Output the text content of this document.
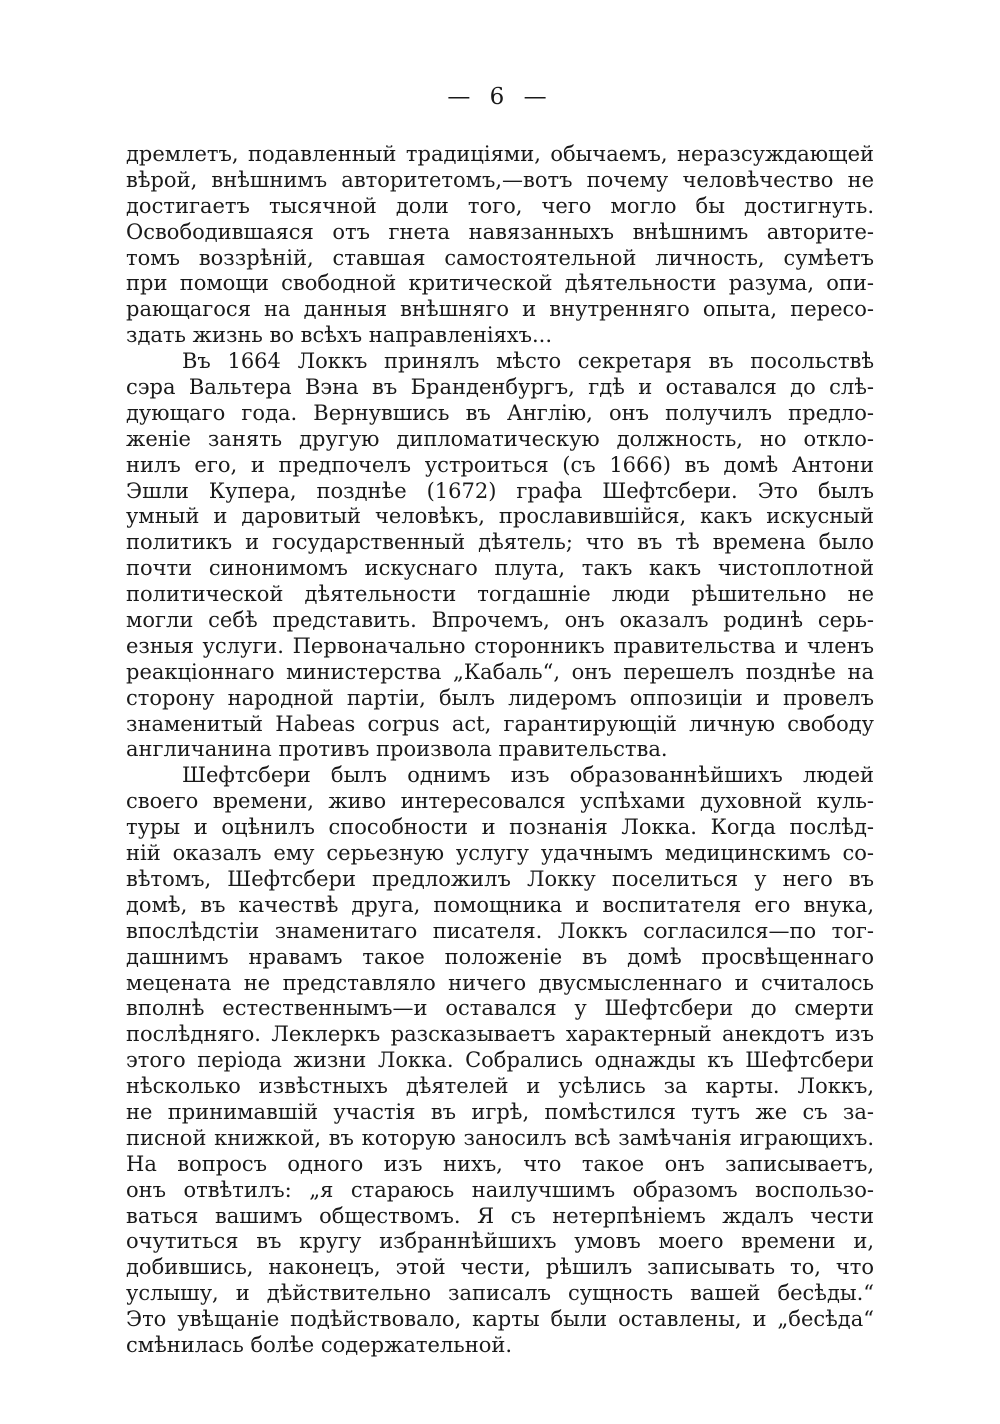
— 6 —
дремлетъ, подавленный традиціями, обычаемъ, неразсуждающей
вѣрой, внѣшнимъ авторитетомъ,—вотъ почему человѣчество не
достигаетъ тысячной доли того, чего могло бы достигнуть.
Освободившаяся отъ гнета навязанныхъ внѣшнимъ авторите-
томъ воззрѣній, ставшая самостоятельной личность, сумѣетъ
при помощи свободной критической дѣятельности разума, опи-
рающагося на данныя внѣшняго и внутренняго опыта, пересо-
здать жизнь во всѣхъ направленіяхъ...
Въ 1664 Локкъ принялъ мѣсто секретаря въ посольствѣ
сэра Вальтера Вэна въ Бранденбургъ, гдѣ и оставался до слѣ-
дующаго года. Вернувшись въ Англію, онъ получилъ предло-
женіе занять другую дипломатическую должность, но откло-
нилъ его, и предпочелъ устроиться (съ 1666) въ домѣ Антони
Эшли Купера, позднѣе (1672) графа Шефтсбери. Это былъ
умный и даровитый человѣкъ, прославившійся, какъ искусный
политикъ и государственный дѣятель; что въ тѣ времена было
почти синонимомъ искуснаго плута, такъ какъ чистоплотной
политической дѣятельности тогдашніе люди рѣшительно не
могли себѣ представить. Впрочемъ, онъ оказалъ родинѣ серь-
езныя услуги. Первоначально сторонникъ правительства и членъ
реакціоннаго министерства „Кабаль“, онъ перешелъ позднѣе на
сторону народной партіи, былъ лидеромъ оппозиціи и провелъ
знаменитый Habeas corpus act, гарантирующій личную свободу
англичанина противъ произвола правительства.
Шефтсбери былъ однимъ изъ образованнѣйшихъ людей
своего времени, живо интересовался успѣхами духовной куль-
туры и оцѣнилъ способности и познанія Локка. Когда послѣд-
ній оказалъ ему серьезную услугу удачнымъ медицинскимъ со-
вѣтомъ, Шефтсбери предложилъ Локку поселиться у него въ
домѣ, въ качествѣ друга, помощника и воспитателя его внука,
впослѣдстіи знаменитаго писателя. Локкъ согласился—по тог-
дашнимъ нравамъ такое положеніе въ домѣ просвѣщеннаго
мецената не представляло ничего двусмысленнаго и считалось
вполнѣ естественнымъ—и оставался у Шефтсбери до смерти
послѣдняго. Леклеркъ разсказываетъ характерный анекдотъ изъ
этого періода жизни Локка. Собрались однажды къ Шефтсбери
нѣсколько извѣстныхъ дѣятелей и усѣлись за карты. Локкъ,
не принимавшій участія въ игрѣ, помѣстился тутъ же съ за-
писной книжкой, въ которую заносилъ всѣ замѣчанія играющихъ.
На вопросъ одного изъ нихъ, что такое онъ записываетъ,
онъ отвѣтилъ: „я стараюсь наилучшимъ образомъ воспользо-
ваться вашимъ обществомъ. Я съ нетерпѣніемъ ждалъ чести
очутиться въ кругу избраннѣйшихъ умовъ моего времени и,
добившись, наконецъ, этой чести, рѣшилъ записывать то, что
услышу, и дѣйствительно записалъ сущность вашей бесѣды.“
Это увѣщаніе подѣйствовало, карты были оставлены, и „бесѣда“
смѣнилась болѣе содержательной.
